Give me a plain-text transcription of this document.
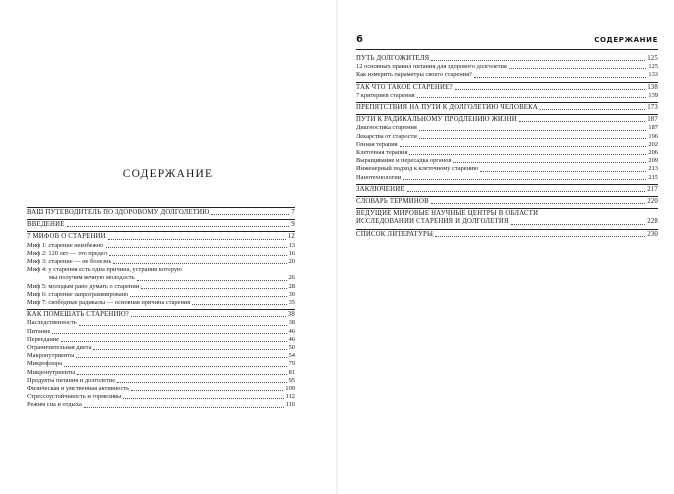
СОДЕРЖАНИЕ
ВАШ ПУТЕВОДИТЕЛЬ ПО ЗДОРОВОМУ ДОЛГОЛЕТИЮ	7
ВВЕДЕНИЕ	9
7 МИФОВ О СТАРЕНИИ	12
Миф 1: старение неизбежно	13
Миф 2: 120 лет — это предел	16
Миф 3: старение — не болезнь	20
Миф 4: у старения есть одна причина, устранив которую
мы получим вечную молодость	26
Миф 5: молодым рано думать о старении	28
Миф 6: старение запрограммировано	30
Миф 7: свободные радикалы — основная причина старения	35
КАК ПОМЕШАТЬ СТАРЕНИЮ?	38
Наследственность	38
Питание	46
Переедание	46
Ограничительная диета	50
Макронутриенты	54
Микрофлора	79
Микронутриенты	81
Продукты питания и долголетие	95
Физическая и умственная активность	109
Стрессоустойчивость и гормезивы	112
Режим сна и отдыха	116
6	СОДЕРЖАНИЕ
ПУТЬ ДОЛГОЖИТЕЛЯ	125
12 основных правил питания для здорового долголетия	125
Как измерить параметры своего старения?	133
ТАК ЧТО ТАКОЕ СТАРЕНИЕ?	138
7 критериев старения	139
ПРЕПЯТСТВИЯ НА ПУТИ К ДОЛГОЛЕТИЮ ЧЕЛОВЕКА	173
ПУТИ К РАДИКАЛЬНОМУ ПРОДЛЕНИЮ ЖИЗНИ	187
Диагностика старения	187
Лекарства от старости	196
Генная терапия	202
Клеточная терапия	206
Выращивание и пересадка органов	209
Инженерный подход к клеточному старению	213
Нанотехнологии	215
ЗАКЛЮЧЕНИЕ	217
СЛОВАРЬ ТЕРМИНОВ	220
ВЕДУЩИЕ МИРОВЫЕ НАУЧНЫЕ ЦЕНТРЫ В ОБЛАСТИ
ИССЛЕДОВАНИЙ СТАРЕНИЯ И ДОЛГОЛЕТИЯ	228
СПИСОК ЛИТЕРАТУРЫ	230
